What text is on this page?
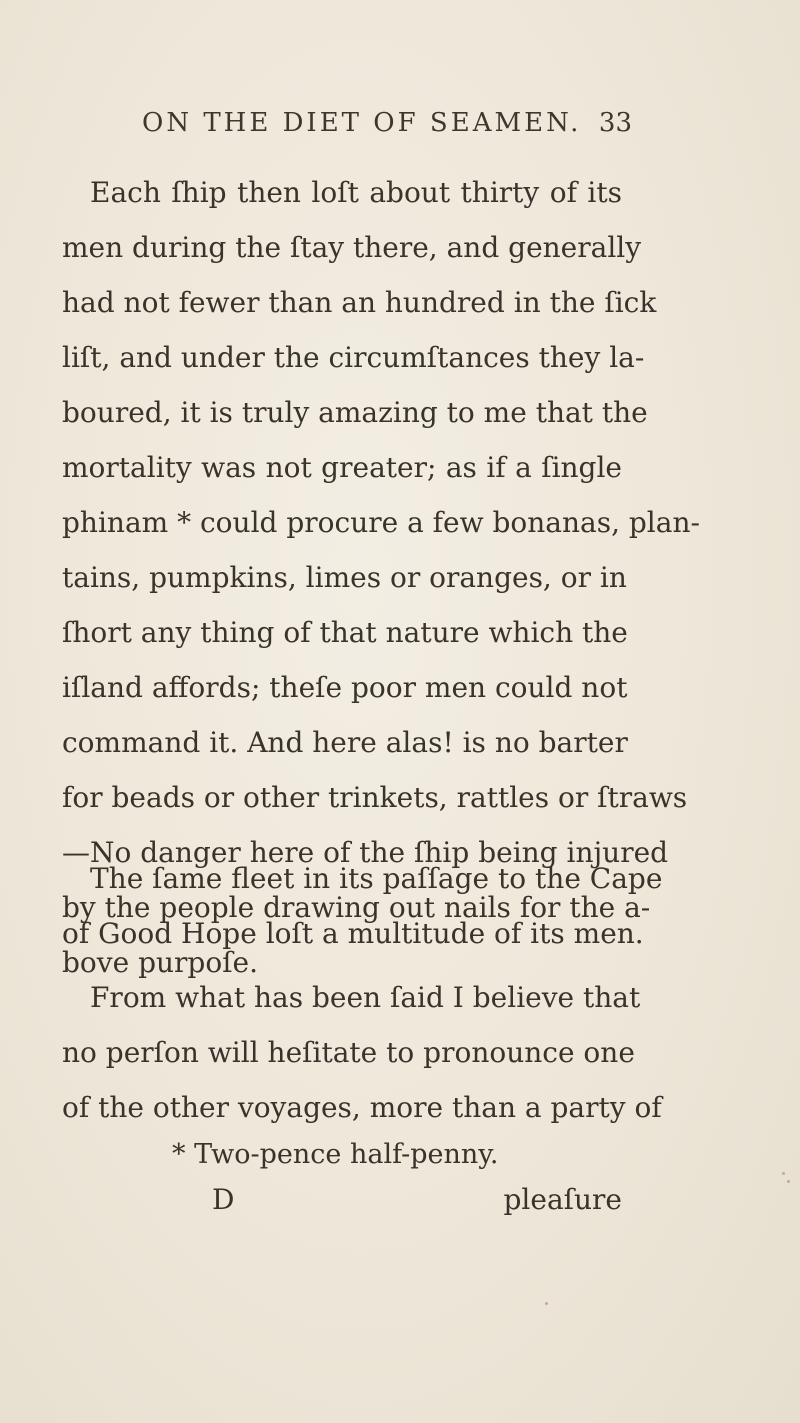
ON THE DIET OF SEAMEN. 33
Each ſhip then loſt about thirty of its
men during the ſtay there, and generally
had not fewer than an hundred in the ſick
liſt, and under the circumſtances they la-
boured, it is truly amazing to me that the
mortality was not greater; as if a ſingle
phinam * could procure a few bonanas, plan-
tains, pumpkins, limes or oranges, or in
ſhort any thing of that nature which the
iſland affords; theſe poor men could not
command it. And here alas! is no barter
for beads or other trinkets, rattles or ſtraws
—No danger here of the ſhip being injured
by the people drawing out nails for the a-
bove purpoſe.
The ſame fleet in its paſſage to the Cape
of Good Hope loſt a multitude of its men.
From what has been ſaid I believe that
no perſon will heſitate to pronounce one
of the other voyages, more than a party of
* Two-pence half-penny.
D	pleaſure
